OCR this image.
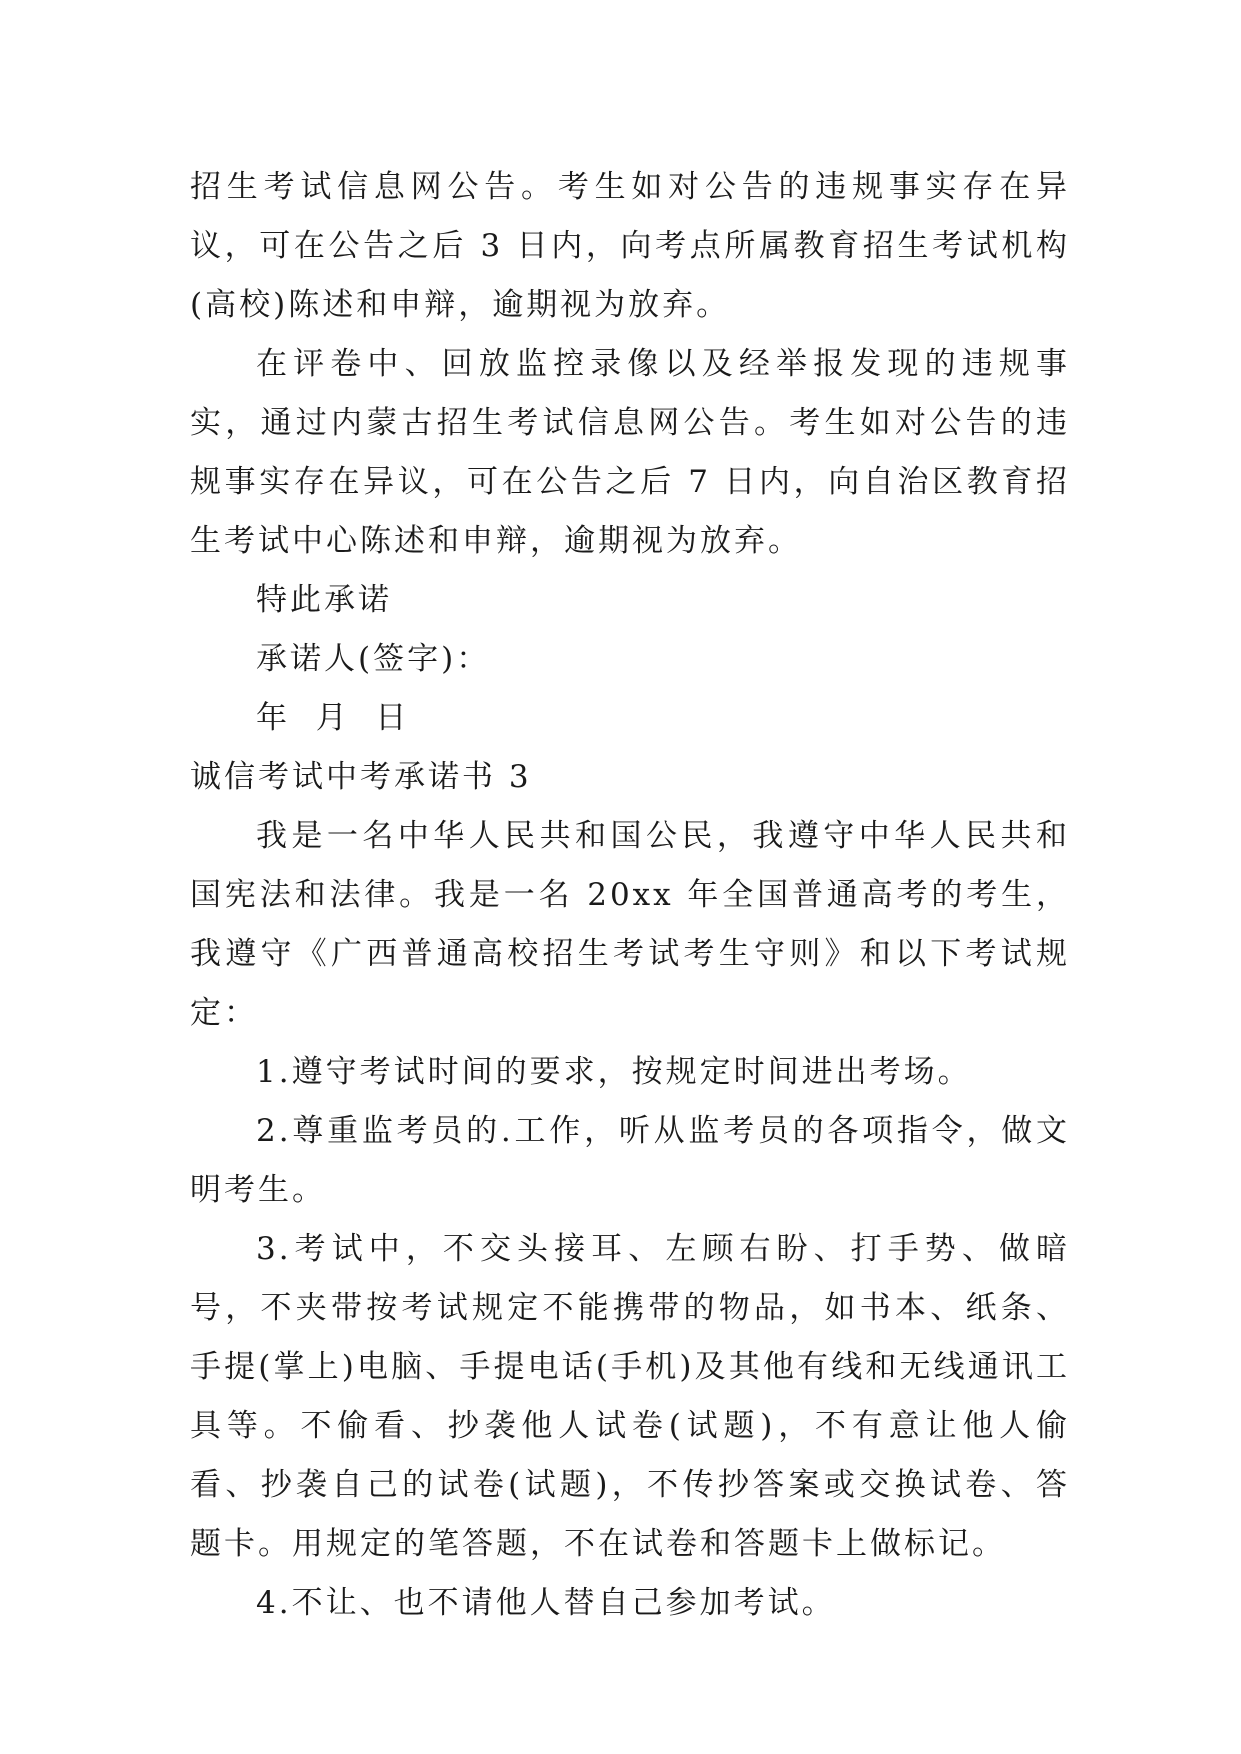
招生考试信息网公告。考生如对公告的违规事实存在异议，可在公告之后 3 日内，向考点所属教育招生考试机构(高校)陈述和申辩，逾期视为放弃。

在评卷中、回放监控录像以及经举报发现的违规事实，通过内蒙古招生考试信息网公告。考生如对公告的违规事实存在异议，可在公告之后 7 日内，向自治区教育招生考试中心陈述和申辩，逾期视为放弃。

特此承诺

承诺人(签字)：

年  月  日

诚信考试中考承诺书 3

我是一名中华人民共和国公民，我遵守中华人民共和国宪法和法律。我是一名 20xx 年全国普通高考的考生，我遵守《广西普通高校招生考试考生守则》和以下考试规定：

1.遵守考试时间的要求，按规定时间进出考场。

2.尊重监考员的.工作，听从监考员的各项指令，做文明考生。

3.考试中，不交头接耳、左顾右盼、打手势、做暗号，不夹带按考试规定不能携带的物品，如书本、纸条、手提(掌上)电脑、手提电话(手机)及其他有线和无线通讯工具等。不偷看、抄袭他人试卷(试题)，不有意让他人偷看、抄袭自己的试卷(试题)，不传抄答案或交换试卷、答题卡。用规定的笔答题，不在试卷和答题卡上做标记。

4.不让、也不请他人替自己参加考试。
